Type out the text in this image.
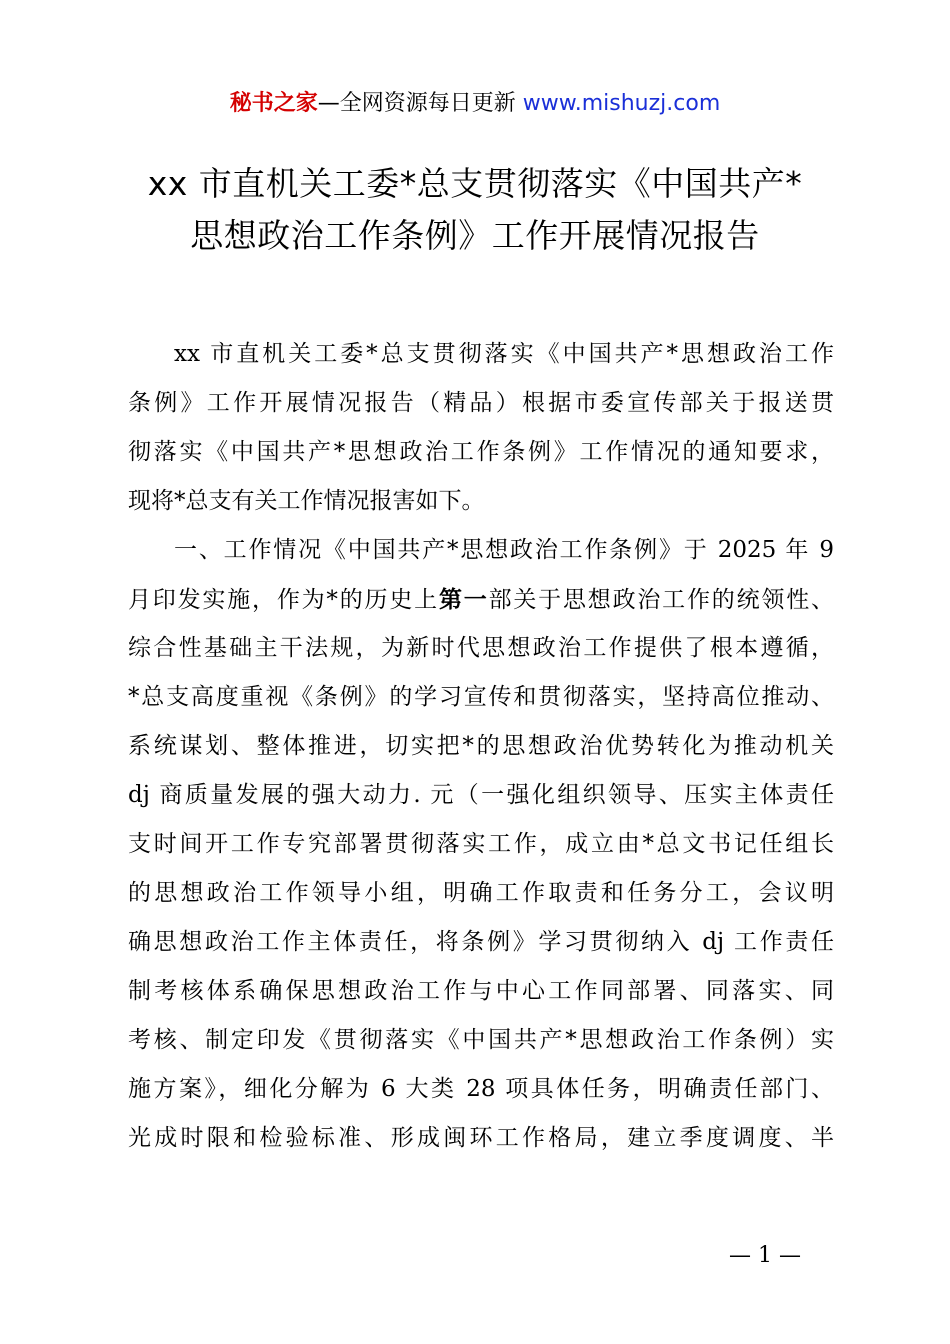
秘书之家—全网资源每日更新 www.mishuzj.com
xx 市直机关工委*总支贯彻落实《中国共产*
思想政治工作条例》工作开展情况报告
xx 市直机关工委*总支贯彻落实《中国共产*思想政治工作
条例》工作开展情况报告（精品）根据市委宣传部关于报送贯
彻落实《中国共产*思想政治工作条例》工作情况的通知要求，
现将*总支有关工作情况报害如下。
一、工作情况《中国共产*思想政治工作条例》于 2025 年 9
月印发实施，作为*的历史上第一部关于思想政治工作的统领性、
综合性基础主干法规，为新时代思想政治工作提供了根本遵循，
*总支高度重视《条例》的学习宣传和贯彻落实，坚持高位推动、
系统谋划、整体推进，切实把*的思想政治优势转化为推动机关
dj 商质量发展的强大动力. 元（一强化组织领导、压实主体责任
支时间开工作专究部署贯彻落实工作，成立由*总文书记任组长
的思想政治工作领导小组，明确工作取责和任务分工，会议明
确思想政治工作主体责任，将条例》学习贯彻纳入 dj 工作责任
制考核体系确保思想政治工作与中心工作同部署、同落实、同
考核、制定印发《贯彻落实《中国共产*思想政治工作条例）实
施方案》，细化分解为 6 大类 28 项具体任务，明确责任部门、
光成时限和检验标准、形成闽环工作格局，建立季度调度、半
— 1 —
